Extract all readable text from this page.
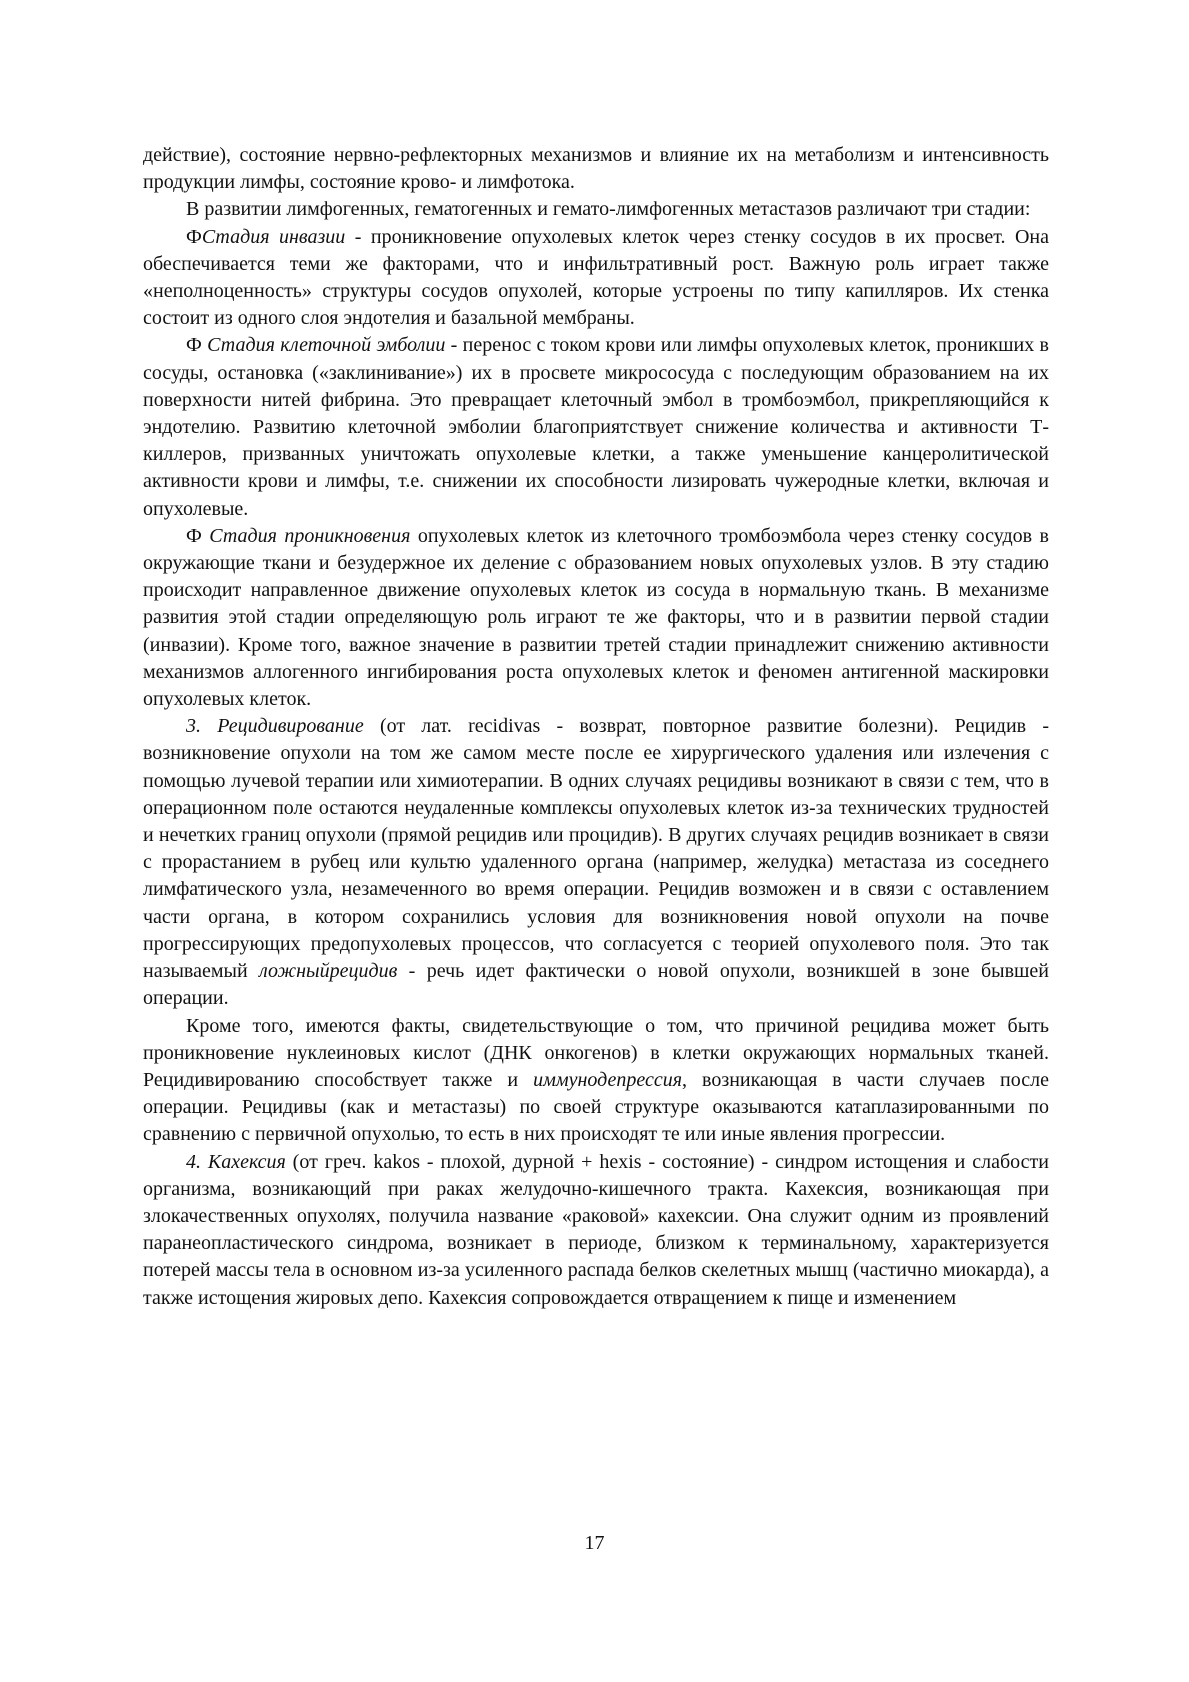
действие), состояние нервно-рефлекторных механизмов и влияние их на метаболизм и интенсивность продукции лимфы, состояние крово- и лимфотока.

В развитии лимфогенных, гематогенных и гемато-лимфогенных метастазов различают три стадии:

ФСтадия инвазии - проникновение опухолевых клеток через стенку сосудов в их просвет. Она обеспечивается теми же факторами, что и инфильтративный рост. Важную роль играет также «неполноценность» структуры сосудов опухолей, которые устроены по типу капилляров. Их стенка состоит из одного слоя эндотелия и базальной мембраны.

Ф Стадия клеточной эмболии - перенос с током крови или лимфы опухолевых клеток, проникших в сосуды, остановка («заклинивание») их в просвете микрососуда с последующим образованием на их поверхности нитей фибрина. Это превращает клеточный эмбол в тромбоэмбол, прикрепляющийся к эндотелию. Развитию клеточной эмболии благоприятствует снижение количества и активности Т-киллеров, призванных уничтожать опухолевые клетки, а также уменьшение канцеролитической активности крови и лимфы, т.е. снижении их способности лизировать чужеродные клетки, включая и опухолевые.

Ф Стадия проникновения опухолевых клеток из клеточного тромбоэмбола через стенку сосудов в окружающие ткани и безудержное их деление с образованием новых опухолевых узлов. В эту стадию происходит направленное движение опухолевых клеток из сосуда в нормальную ткань. В механизме развития этой стадии определяющую роль играют те же факторы, что и в развитии первой стадии (инвазии). Кроме того, важное значение в развитии третей стадии принадлежит снижению активности механизмов аллогенного ингибирования роста опухолевых клеток и феномен антигенной маскировки опухолевых клеток.

3. Рецидивирование (от лат. recidivas - возврат, повторное развитие болезни). Рецидив - возникновение опухоли на том же самом месте после ее хирургического удаления или излечения с помощью лучевой терапии или химиотерапии. В одних случаях рецидивы возникают в связи с тем, что в операционном поле остаются неудаленные комплексы опухолевых клеток из-за технических трудностей и нечетких границ опухоли (прямой рецидив или процидив). В других случаях рецидив возникает в связи с прорастанием в рубец или культю удаленного органа (например, желудка) метастаза из соседнего лимфатического узла, незамеченного во время операции. Рецидив возможен и в связи с оставлением части органа, в котором сохранились условия для возникновения новой опухоли на почве прогрессирующих предопухолевых процессов, что согласуется с теорией опухолевого поля. Это так называемый ложныйрецидив - речь идет фактически о новой опухоли, возникшей в зоне бывшей операции.

Кроме того, имеются факты, свидетельствующие о том, что причиной рецидива может быть проникновение нуклеиновых кислот (ДНК онкогенов) в клетки окружающих нормальных тканей. Рецидивированию способствует также и иммунодепрессия, возникающая в части случаев после операции. Рецидивы (как и метастазы) по своей структуре оказываются катаплазированными по сравнению с первичной опухолью, то есть в них происходят те или иные явления прогрессии.

4. Кахексия (от греч. kakos - плохой, дурной + hexis - состояние) - синдром истощения и слабости организма, возникающий при раках желудочно-кишечного тракта. Кахексия, возникающая при злокачественных опухолях, получила название «раковой» кахексии. Она служит одним из проявлений паранеопластического синдрома, возникает в периоде, близком к терминальному, характеризуется потерей массы тела в основном из-за усиленного распада белков скелетных мышц (частично миокарда), а также истощения жировых депо. Кахексия сопровождается отвращением к пище и изменением

17
